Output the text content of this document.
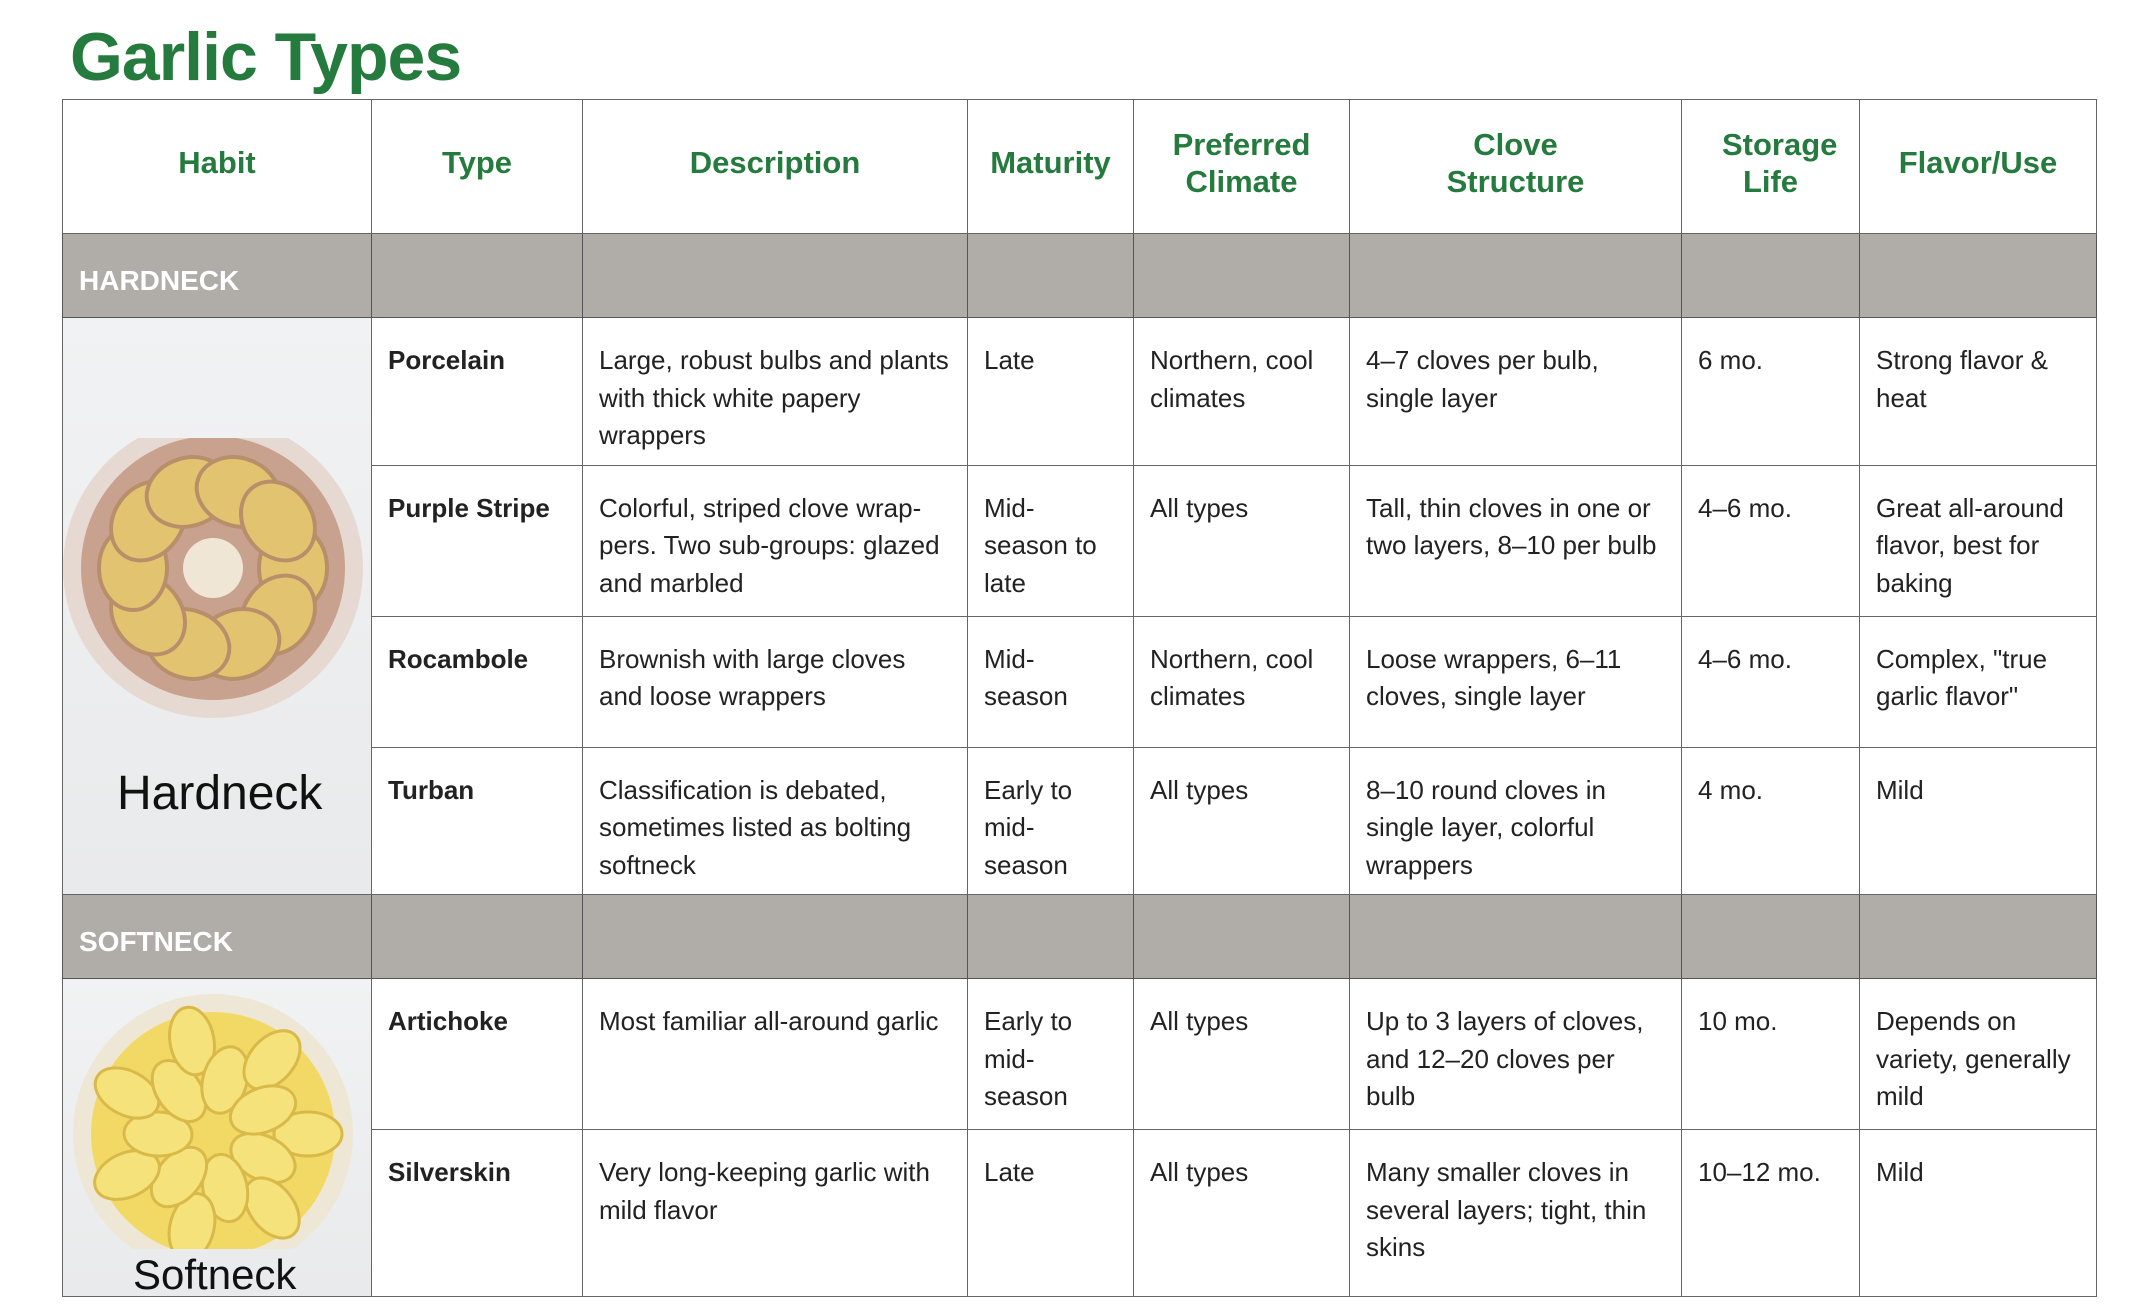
Garlic Types
Habit	Type	Description	Maturity	Preferred Climate	Clove Structure	Storage Life	Flavor/Use
HARDNECK							

Hardneck	Porcelain	Large, robust bulbs and plants with thick white papery wrappers	Late	Northern, cool climates	4–7 cloves per bulb, single layer	6 mo.	Strong flavor & heat
	Purple Stripe	Colorful, striped clove wrap-pers. Two sub-groups: glazed and marbled	Mid-season to late	All types	Tall, thin cloves in one or two layers, 8–10 per bulb	4–6 mo.	Great all-around flavor, best for baking
	Rocambole	Brownish with large cloves and loose wrappers	Mid-season	Northern, cool climates	Loose wrappers, 6–11 cloves, single layer	4–6 mo.	Complex, "true garlic flavor"
	Turban	Classification is debated, sometimes listed as bolting softneck	Early to mid-season	All types	8–10 round cloves in single layer, colorful wrappers	4 mo.	Mild
SOFTNECK							

Softneck	Artichoke	Most familiar all-around garlic	Early to mid-season	All types	Up to 3 layers of cloves, and 12–20 cloves per bulb	10 mo.	Depends on variety, generally mild
	Silverskin	Very long-keeping garlic with mild flavor	Late	All types	Many smaller cloves in several layers; tight, thin skins	10–12 mo.	Mild
